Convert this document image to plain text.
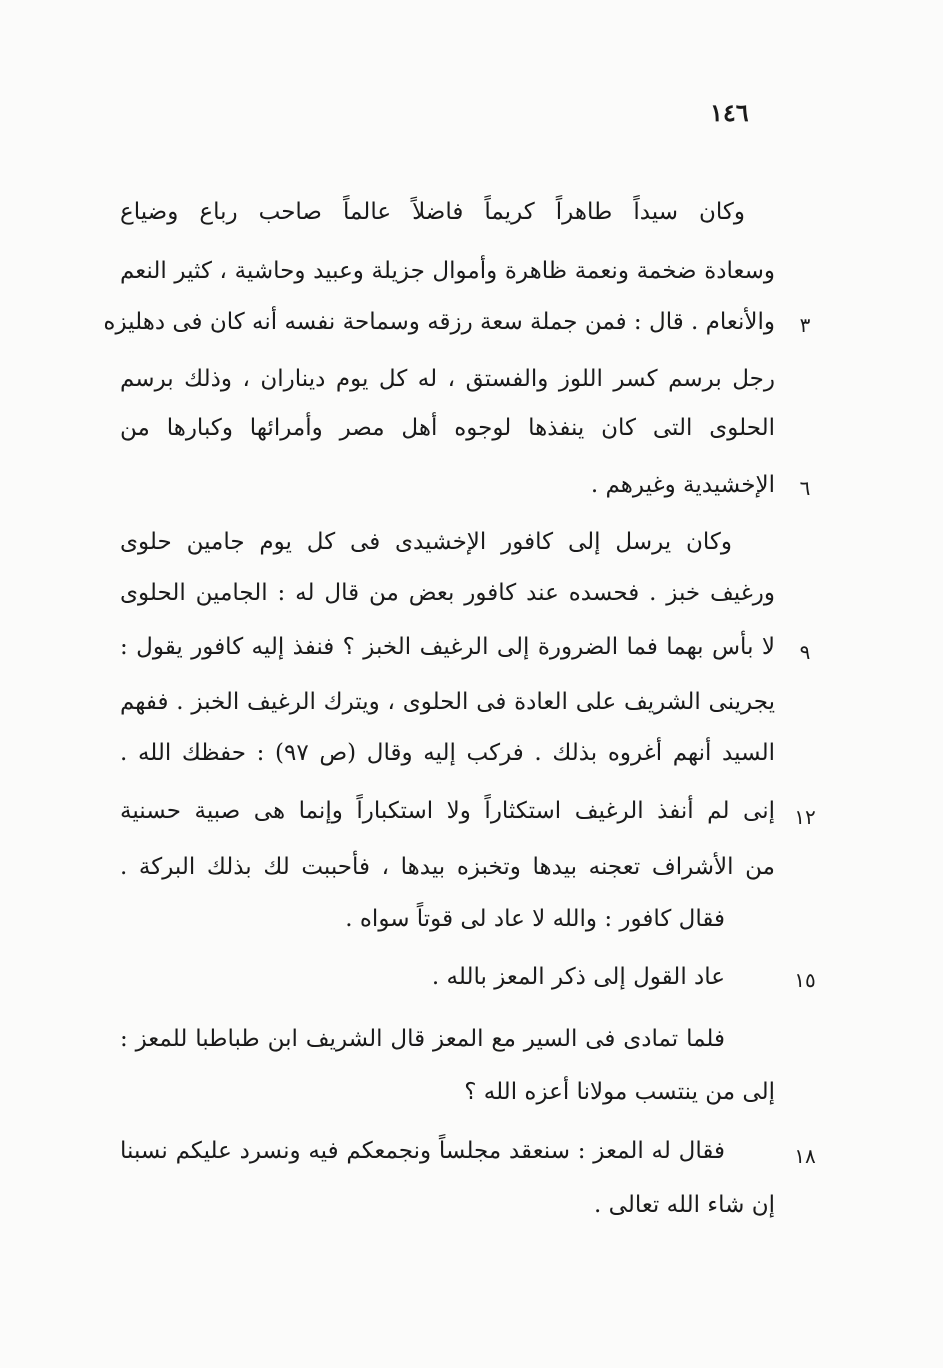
١٤٦
وكان سيداً طاهراً كريماً فاضلاً عالماً صاحب رباع وضياع
وسعادة ضخمة ونعمة ظاهرة وأموال جزيلة وعبيد وحاشية ، كثير النعم
والأنعام . قال : فمن جملة سعة رزقه وسماحة نفسه أنه كان فى دهليزه	٣
رجل برسم كسر اللوز والفستق ، له كل يوم ديناران ، وذلك برسم
الحلوى التى كان ينفذها لوجوه أهل مصر وأمرائها وكبارها من
الإخشيدية وغيرهم .	٦
وكان يرسل إلى كافور الإخشيدى فى كل يوم جامين حلوى
ورغيف خبز . فحسده عند كافور بعض من قال له : الجامين الحلوى
لا بأس بهما فما الضرورة إلى الرغيف الخبز ؟ فنفذ إليه كافور يقول :	٩
يجرينى الشريف على العادة فى الحلوى ، ويترك الرغيف الخبز . ففهم
السيد أنهم أغروه بذلك . فركب إليه وقال (ص ٩٧) : حفظك الله .
إنى لم أنفذ الرغيف استكثاراً ولا استكباراً وإنما هى صبية حسنية ١٢
من الأشراف تعجنه بيدها وتخبزه بيدها ، فأحببت لك بذلك البركة .
فقال كافور : والله لا عاد لى قوتاً سواه .
عاد القول إلى ذكر المعز بالله .	١٥
فلما تمادى فى السير مع المعز قال الشريف ابن طباطبا للمعز :
إلى من ينتسب مولانا أعزه الله ؟
فقال له المعز : سنعقد مجلساً ونجمعكم فيه ونسرد عليكم نسبنا	١٨
إن شاء الله تعالى .
